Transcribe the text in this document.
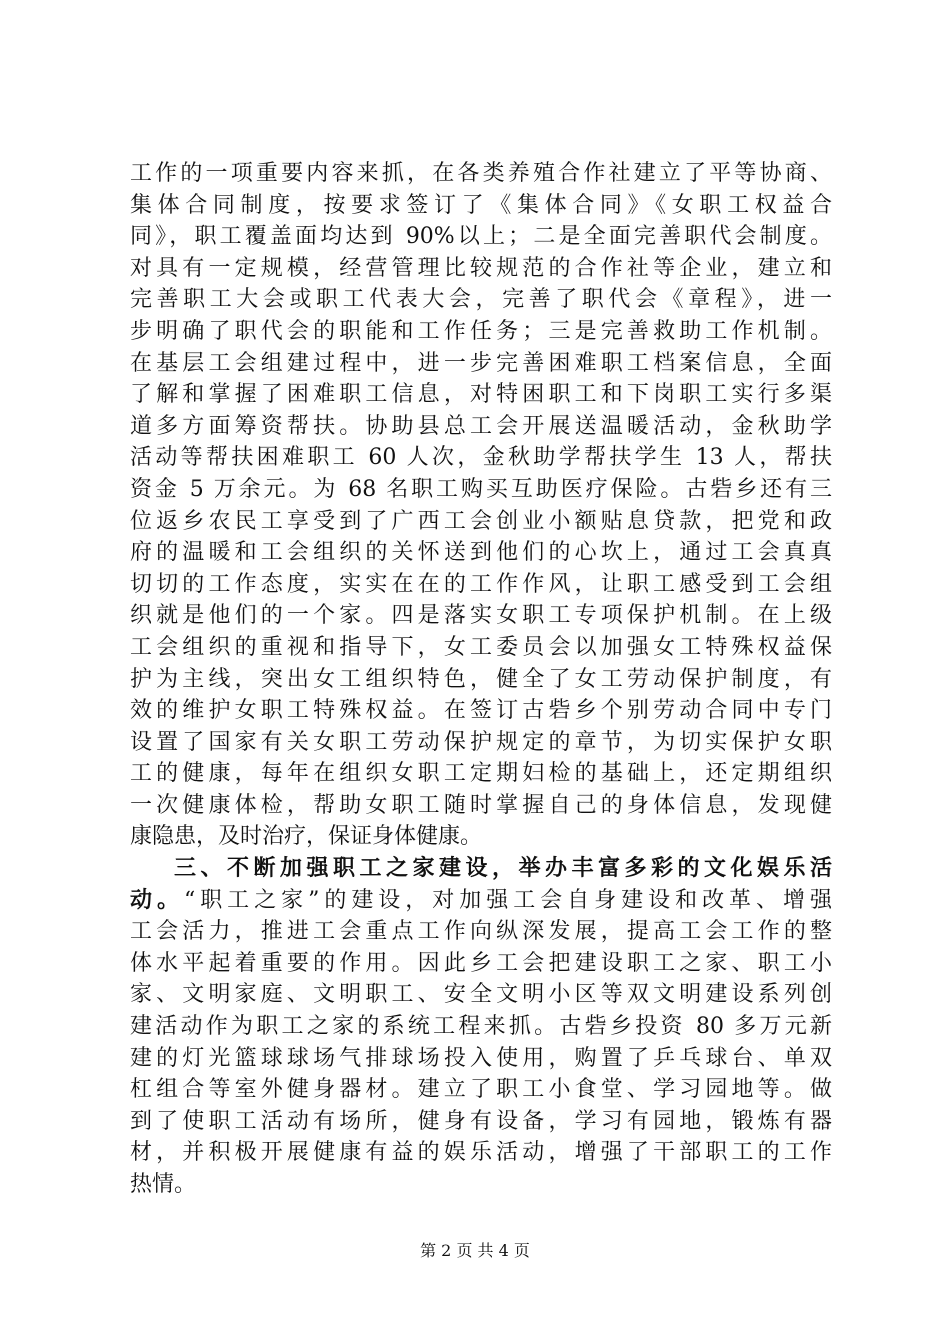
工作的一项重要内容来抓，在各类养殖合作社建立了平等协商、
集体合同制度，按要求签订了《集体合同》《女职工权益合
同》，职工覆盖面均达到 90%以上；二是全面完善职代会制度。
对具有一定规模，经营管理比较规范的合作社等企业，建立和
完善职工大会或职工代表大会，完善了职代会《章程》，进一
步明确了职代会的职能和工作任务；三是完善救助工作机制。
在基层工会组建过程中，进一步完善困难职工档案信息，全面
了解和掌握了困难职工信息，对特困职工和下岗职工实行多渠
道多方面筹资帮扶。协助县总工会开展送温暖活动，金秋助学
活动等帮扶困难职工 60 人次，金秋助学帮扶学生 13 人，帮扶
资金 5 万余元。为 68 名职工购买互助医疗保险。古砦乡还有三
位返乡农民工享受到了广西工会创业小额贴息贷款，把党和政
府的温暖和工会组织的关怀送到他们的心坎上，通过工会真真
切切的工作态度，实实在在的工作作风，让职工感受到工会组
织就是他们的一个家。四是落实女职工专项保护机制。在上级
工会组织的重视和指导下，女工委员会以加强女工特殊权益保
护为主线，突出女工组织特色，健全了女工劳动保护制度，有
效的维护女职工特殊权益。在签订古砦乡个别劳动合同中专门
设置了国家有关女职工劳动保护规定的章节，为切实保护女职
工的健康，每年在组织女职工定期妇检的基础上，还定期组织
一次健康体检，帮助女职工随时掌握自己的身体信息，发现健
康隐患，及时治疗，保证身体健康。
三、不断加强职工之家建设，举办丰富多彩的文化娱乐活
动。“职工之家”的建设，对加强工会自身建设和改革、增强
工会活力，推进工会重点工作向纵深发展，提高工会工作的整
体水平起着重要的作用。因此乡工会把建设职工之家、职工小
家、文明家庭、文明职工、安全文明小区等双文明建设系列创
建活动作为职工之家的系统工程来抓。古砦乡投资 80 多万元新
建的灯光篮球球场气排球场投入使用，购置了乒乓球台、单双
杠组合等室外健身器材。建立了职工小食堂、学习园地等。做
到了使职工活动有场所，健身有设备，学习有园地，锻炼有器
材，并积极开展健康有益的娱乐活动，增强了干部职工的工作
热情。
第 2 页 共 4 页
